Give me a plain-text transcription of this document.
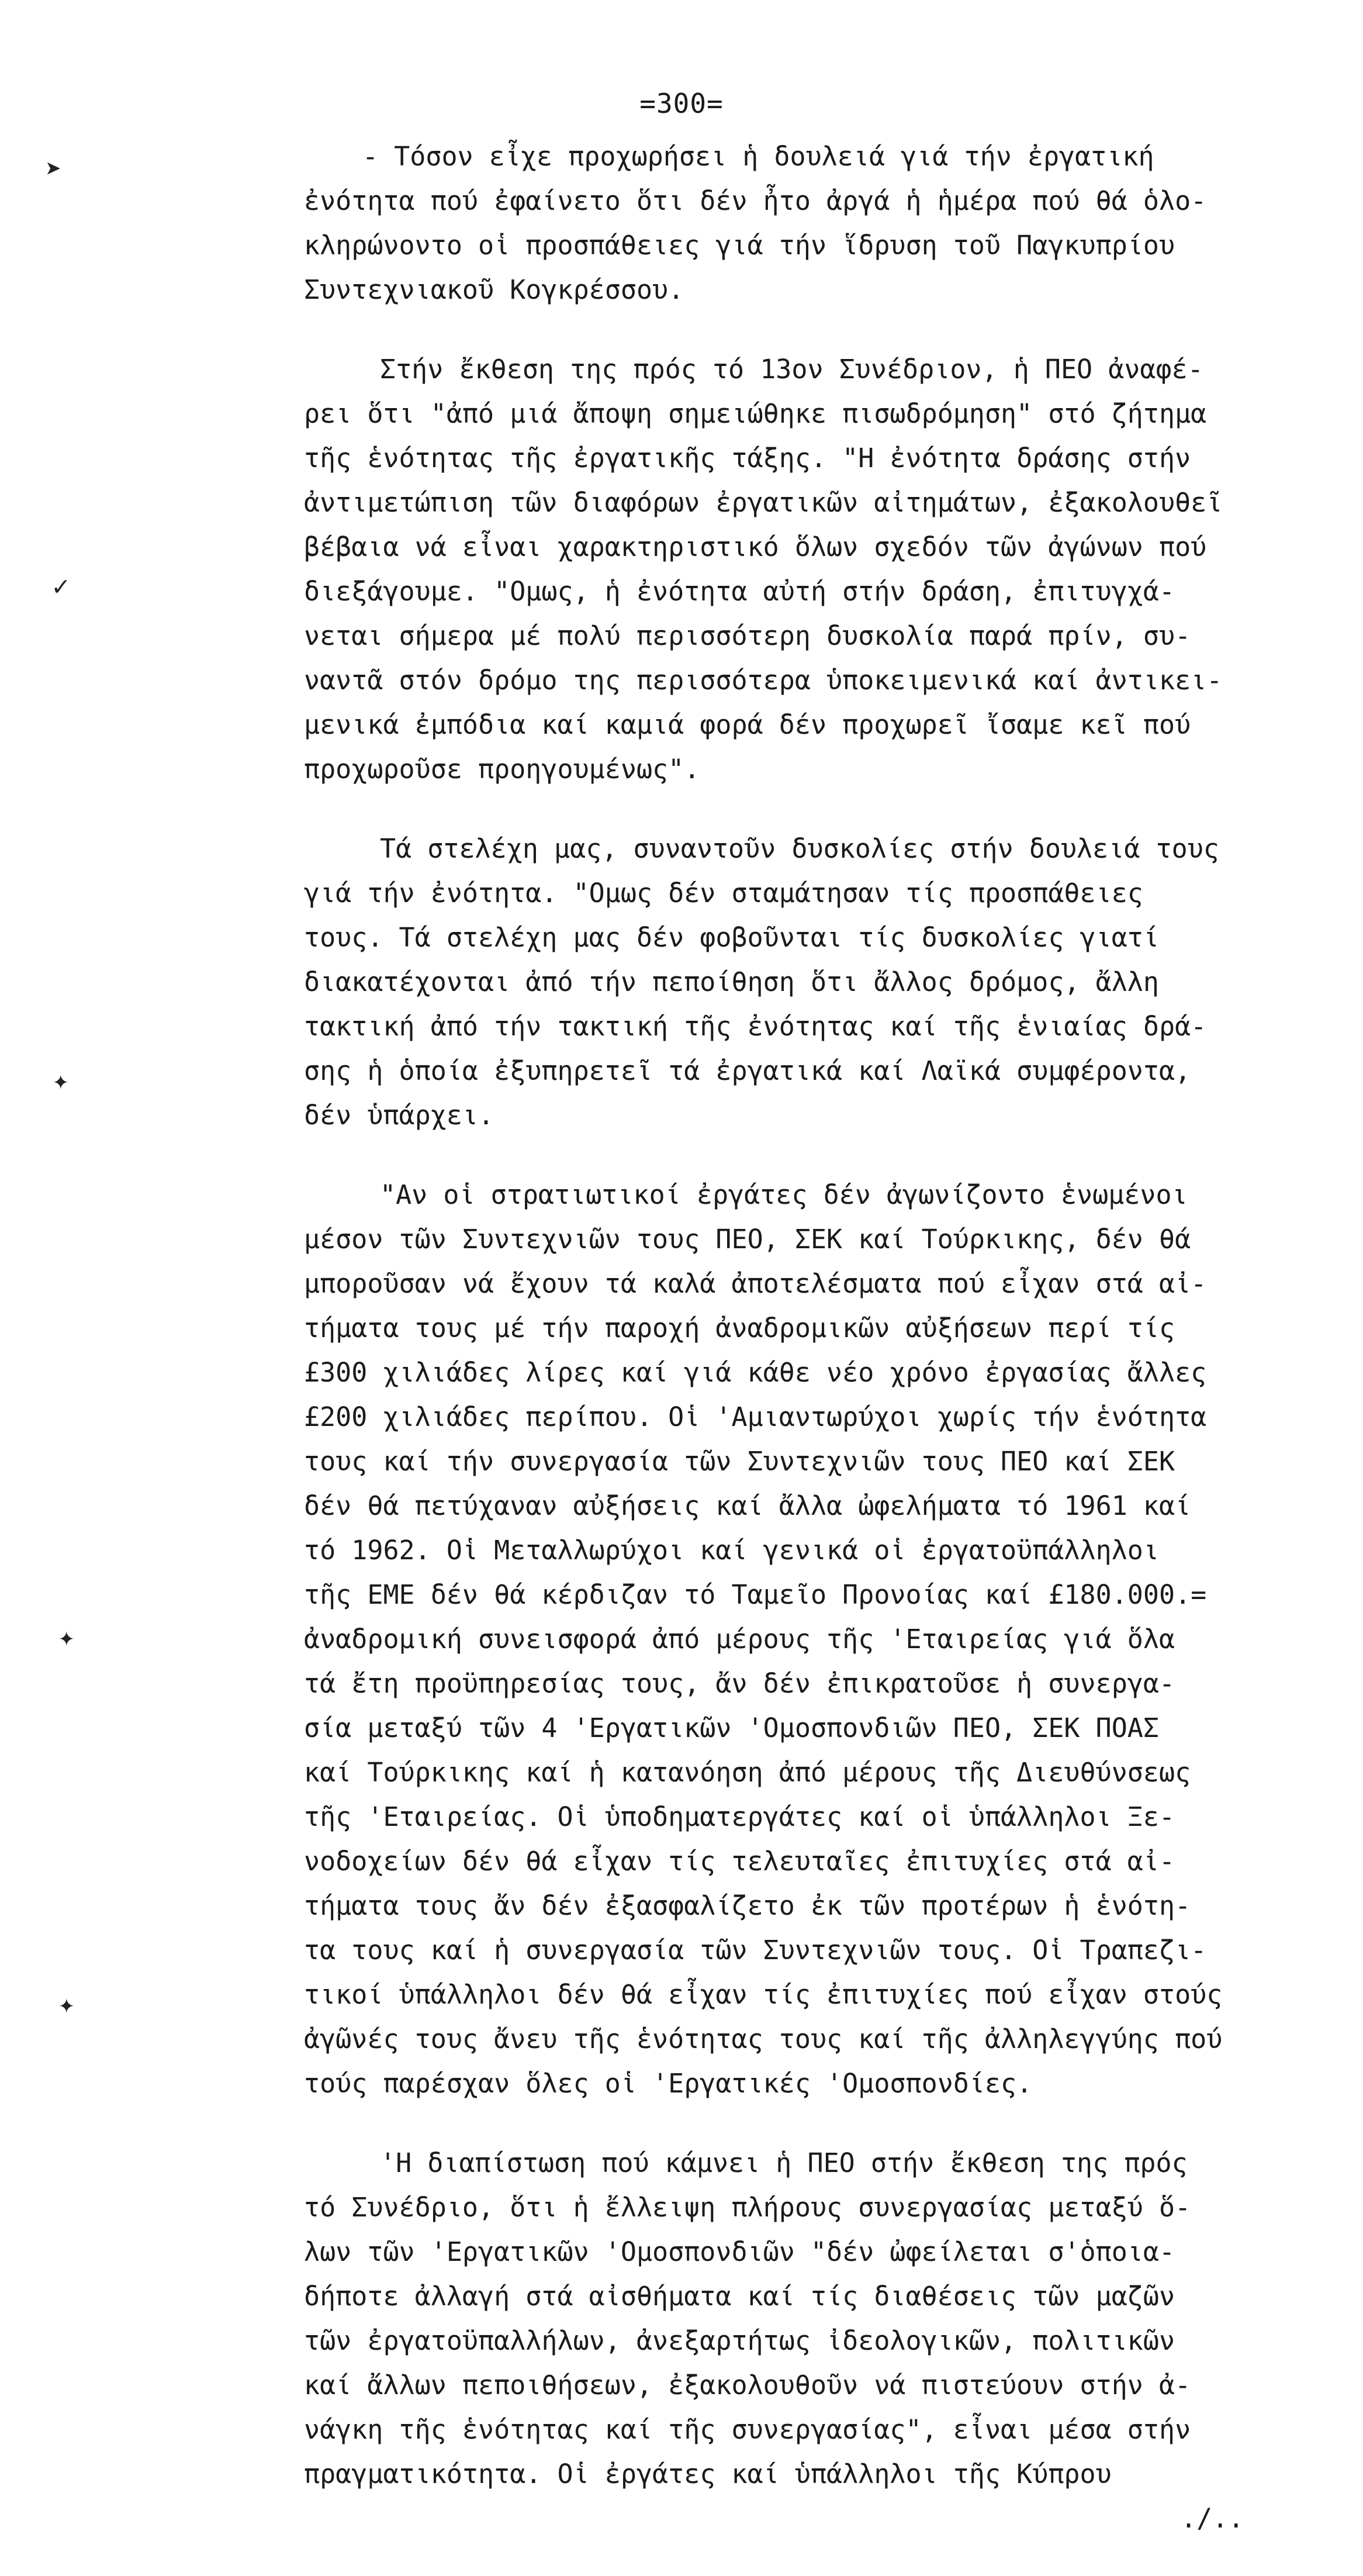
=300=
➤
✓
✦
✦
✦
- Τόσον εἶχε προχωρήσει ἡ δουλειά γιά τήν ἐργατική
ἐνότητα πού ἐφαίνετο ὅτι δέν ἦτο ἀργά ἡ ἡμέρα πού θά ὁλο-
κληρώνοντο οἱ προσπάθειες γιά τήν ἵδρυση τοῦ Παγκυπρίου
Συντεχνιακοῦ Κογκρέσσου.
Στήν ἔκθεση της πρός τό 13ον Συνέδριον, ἡ ΠΕΟ ἀναφέ-
ρει ὅτι "ἀπό μιά ἄποψη σημειώθηκε πισωδρόμηση" στό ζήτημα
τῆς ἑνότητας τῆς ἐργατικῆς τάξης. "Η ἐνότητα δράσης στήν
ἀντιμετώπιση τῶν διαφόρων ἐργατικῶν αἰτημάτων, ἐξακολουθεῖ
βέβαια νά εἶναι χαρακτηριστικό ὅλων σχεδόν τῶν ἀγώνων πού
διεξάγουμε. "Ομως, ἡ ἐνότητα αὐτή στήν δράση, ἐπιτυγχά-
νεται σήμερα μέ πολύ περισσότερη δυσκολία παρά πρίν, συ-
ναντᾶ στόν δρόμο της περισσότερα ὑποκειμενικά καί ἀντικει-
μενικά ἐμπόδια καί καμιά φορά δέν προχωρεῖ ἴσαμε κεῖ πού
προχωροῦσε προηγουμένως".
Τά στελέχη μας, συναντοῦν δυσκολίες στήν δουλειά τους
γιά τήν ἐνότητα. "Ομως δέν σταμάτησαν τίς προσπάθειες
τους. Τά στελέχη μας δέν φοβοῦνται τίς δυσκολίες γιατί
διακατέχονται ἀπό τήν πεποίθηση ὅτι ἄλλος δρόμος, ἄλλη
τακτική ἀπό τήν τακτική τῆς ἐνότητας καί τῆς ἑνιαίας δρά-
σης ἡ ὁποία ἐξυπηρετεῖ τά ἐργατικά καί Λαϊκά συμφέροντα,
δέν ὑπάρχει.
"Αν οἱ στρατιωτικοί ἐργάτες δέν ἀγωνίζοντο ἑνωμένοι
μέσον τῶν Συντεχνιῶν τους ΠΕΟ, ΣΕΚ καί Τούρκικης, δέν θά
μποροῦσαν νά ἔχουν τά καλά ἀποτελέσματα πού εἶχαν στά αἰ-
τήματα τους μέ τήν παροχή ἀναδρομικῶν αὐξήσεων περί τίς
£300 χιλιάδες λίρες καί γιά κάθε νέο χρόνο ἐργασίας ἄλλες
£200 χιλιάδες περίπου. Οἱ 'Αμιαντωρύχοι χωρίς τήν ἑνότητα
τους καί τήν συνεργασία τῶν Συντεχνιῶν τους ΠΕΟ καί ΣΕΚ
δέν θά πετύχαναν αὐξήσεις καί ἄλλα ὠφελήματα τό 1961 καί
τό 1962. Οἱ Μεταλλωρύχοι καί γενικά οἱ ἐργατοϋπάλληλοι
τῆς ΕΜΕ δέν θά κέρδιζαν τό Ταμεῖο Προνοίας καί £180.000.=
ἀναδρομική συνεισφορά ἀπό μέρους τῆς 'Εταιρείας γιά ὅλα
τά ἔτη προϋπηρεσίας τους, ἄν δέν ἐπικρατοῦσε ἡ συνεργα-
σία μεταξύ τῶν 4 'Εργατικῶν 'Ομοσπονδιῶν ΠΕΟ, ΣΕΚ ΠΟΑΣ
καί Τούρκικης καί ἡ κατανόηση ἀπό μέρους τῆς Διευθύνσεως
τῆς 'Εταιρείας. Οἱ ὑποδηματεργάτες καί οἱ ὑπάλληλοι Ξε-
νοδοχείων δέν θά εἶχαν τίς τελευταῖες ἐπιτυχίες στά αἰ-
τήματα τους ἄν δέν ἐξασφαλίζετο ἐκ τῶν προτέρων ἡ ἑνότη-
τα τους καί ἡ συνεργασία τῶν Συντεχνιῶν τους. Οἱ Τραπεζι-
τικοί ὑπάλληλοι δέν θά εἶχαν τίς ἐπιτυχίες πού εἶχαν στούς
ἀγῶνές τους ἄνευ τῆς ἑνότητας τους καί τῆς ἀλληλεγγύης πού
τούς παρέσχαν ὅλες οἱ 'Εργατικές 'Ομοσπονδίες.
'Η διαπίστωση πού κάμνει ἡ ΠΕΟ στήν ἔκθεση της πρός
τό Συνέδριο, ὅτι ἡ ἔλλειψη πλήρους συνεργασίας μεταξύ ὅ-
λων τῶν 'Εργατικῶν 'Ομοσπονδιῶν "δέν ὠφείλεται σ'ὁποια-
δήποτε ἀλλαγή στά αἰσθήματα καί τίς διαθέσεις τῶν μαζῶν
τῶν ἐργατοϋπαλλήλων, ἀνεξαρτήτως ἰδεολογικῶν, πολιτικῶν
καί ἄλλων πεποιθήσεων, ἐξακολουθοῦν νά πιστεύουν στήν ἀ-
νάγκη τῆς ἑνότητας καί τῆς συνεργασίας", εἶναι μέσα στήν
πραγματικότητα. Οἱ ἐργάτες καί ὑπάλληλοι τῆς Κύπρου
./..
